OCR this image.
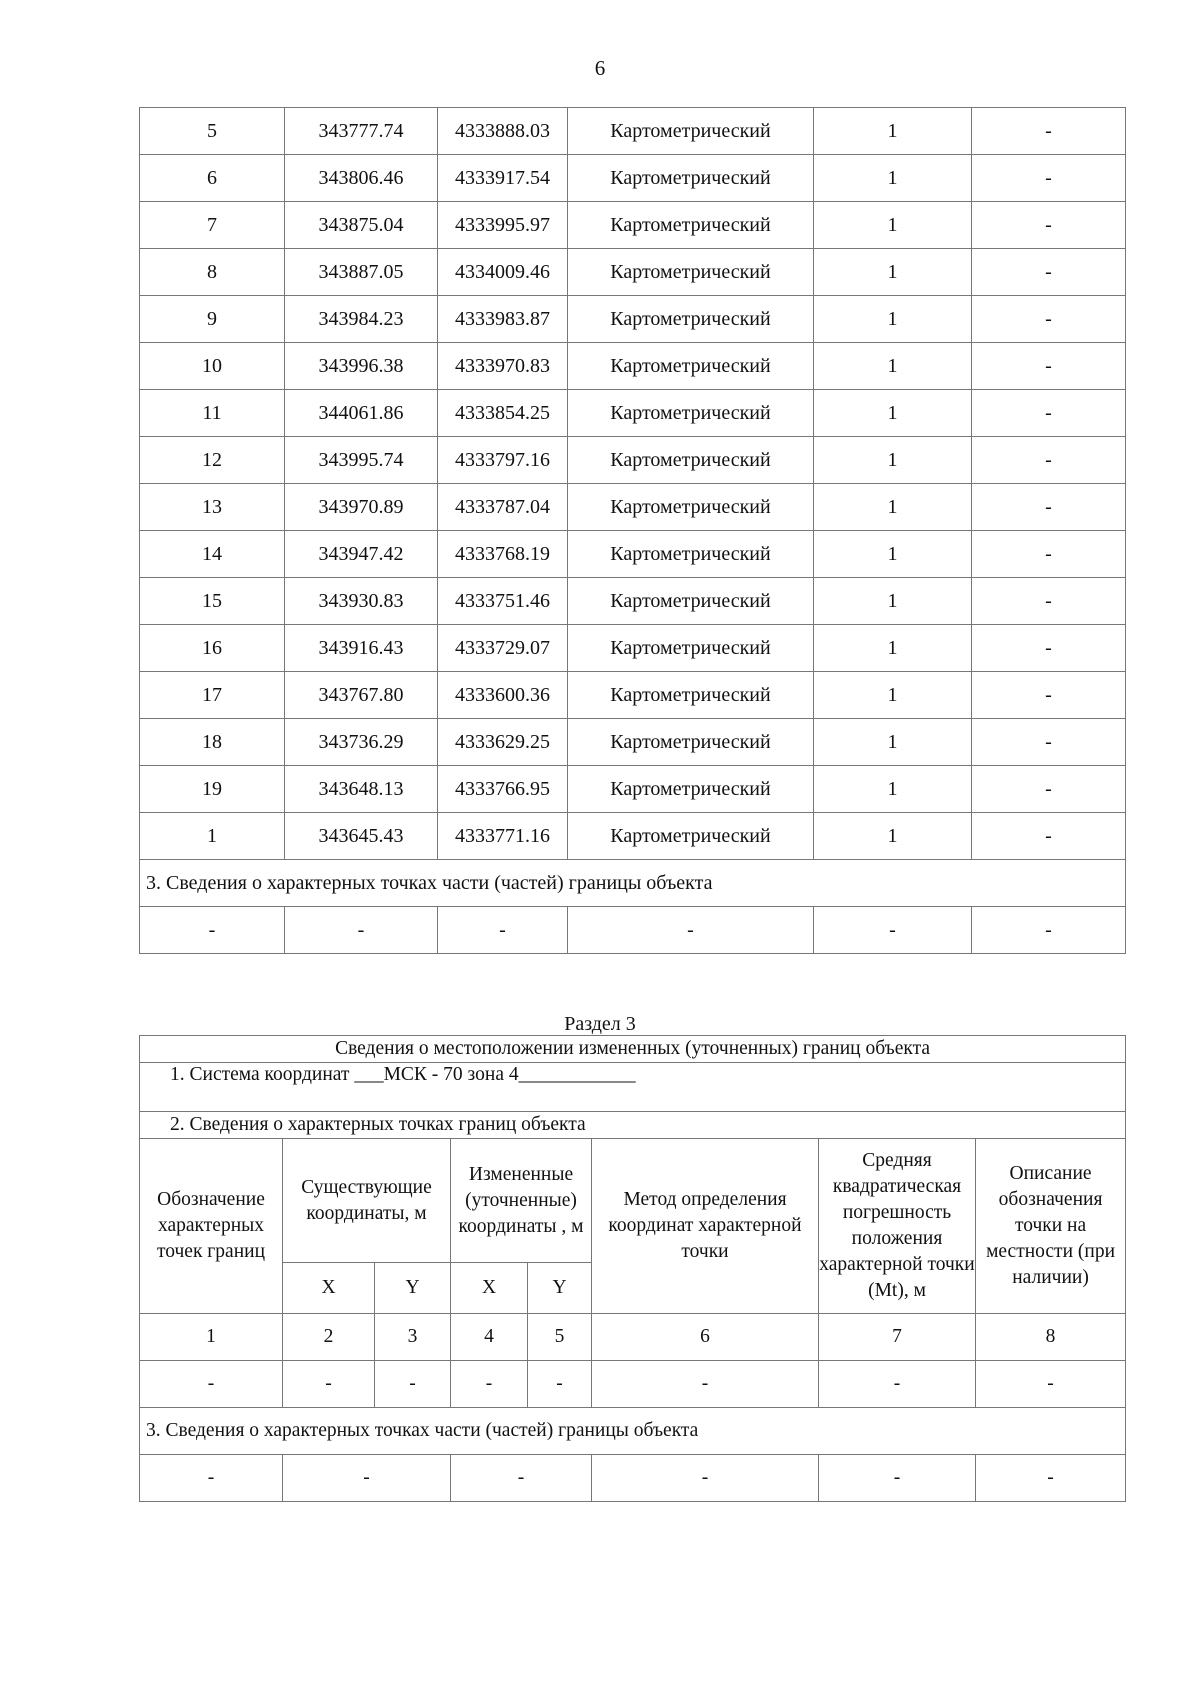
6
5	343777.74	4333888.03	Картометрический	1	-
6	343806.46	4333917.54	Картометрический	1	-
7	343875.04	4333995.97	Картометрический	1	-
8	343887.05	4334009.46	Картометрический	1	-
9	343984.23	4333983.87	Картометрический	1	-
10	343996.38	4333970.83	Картометрический	1	-
11	344061.86	4333854.25	Картометрический	1	-
12	343995.74	4333797.16	Картометрический	1	-
13	343970.89	4333787.04	Картометрический	1	-
14	343947.42	4333768.19	Картометрический	1	-
15	343930.83	4333751.46	Картометрический	1	-
16	343916.43	4333729.07	Картометрический	1	-
17	343767.80	4333600.36	Картометрический	1	-
18	343736.29	4333629.25	Картометрический	1	-
19	343648.13	4333766.95	Картометрический	1	-
1	343645.43	4333771.16	Картометрический	1	-
3. Сведения о характерных точках части (частей) границы объекта					
-	-	-	-	-	-
Раздел 3
Сведения о местоположении измененных (уточненных) границ объекта							
1. Система координат ___МСК - 70 зона 4____________							
2. Сведения о характерных точках границ объекта							
Обозначение характерных точек границ	Существующие координаты, м		Измененные (уточненные) координаты , м		Метод определения координат характерной точки	Средняя квадратическая погрешность положения характерной точки (Mt), м	Описание обозначения точки на местности (при наличии)
	X	Y	X	Y			
1	2	3	4	5	6	7	8
-	-	-	-	-	-	-	-
3. Сведения о характерных точках части (частей) границы объекта							
-	-		-		-	-	-
